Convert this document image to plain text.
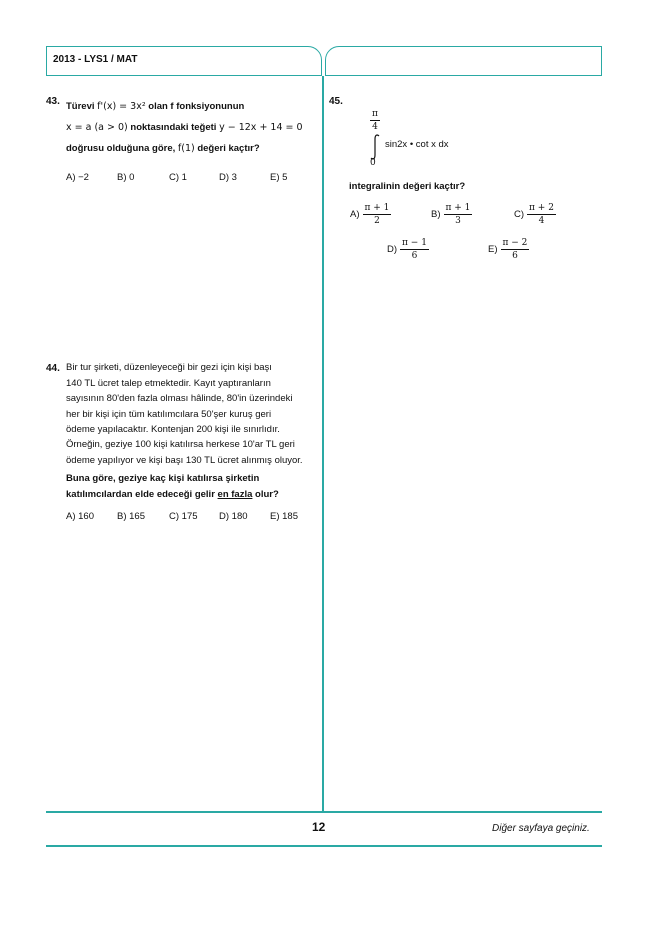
2013 - LYS1 / MAT
43. Türevi f'(x) = 3x² olan f fonksiyonunun
x = a (a > 0) noktasındaki teğeti y − 12x + 14 = 0
doğrusu olduğuna göre, f(1) değeri kaçtır?
A) −2	B) 0	C) 1	D) 3	E) 5
44. Bir tur şirketi, düzenleyeceği bir gezi için kişi başı
140 TL ücret talep etmektedir. Kayıt yaptıranların
sayısının 80'den fazla olması hâlinde, 80'in üzerindeki
her bir kişi için tüm katılımcılara 50'şer kuruş geri
ödeme yapılacaktır. Kontenjan 200 kişi ile sınırlıdır.
Örneğin, geziye 100 kişi katılırsa herkese 10'ar TL geri
ödeme yapılıyor ve kişi başı 130 TL ücret alınmış oluyor.
Buna göre, geziye kaç kişi katılırsa şirketin
katılımcılardan elde edeceği gelir en fazla olur?
A) 160 B) 165	C) 175 D) 180 E) 185
45.
$\frac{\pi}{4}$
0
sin2x • cot x dx
integralinin değeri kaçtır?
$A) \frac{\pi + 1}{2}$	$B) \frac{\pi + 1}{3}$	$C) \frac{\pi + 2}{4}$
$D) \frac{\pi - 1}{6}$	$E) \frac{\pi - 2}{6}$
12	Diğer sayfaya geçiniz.
